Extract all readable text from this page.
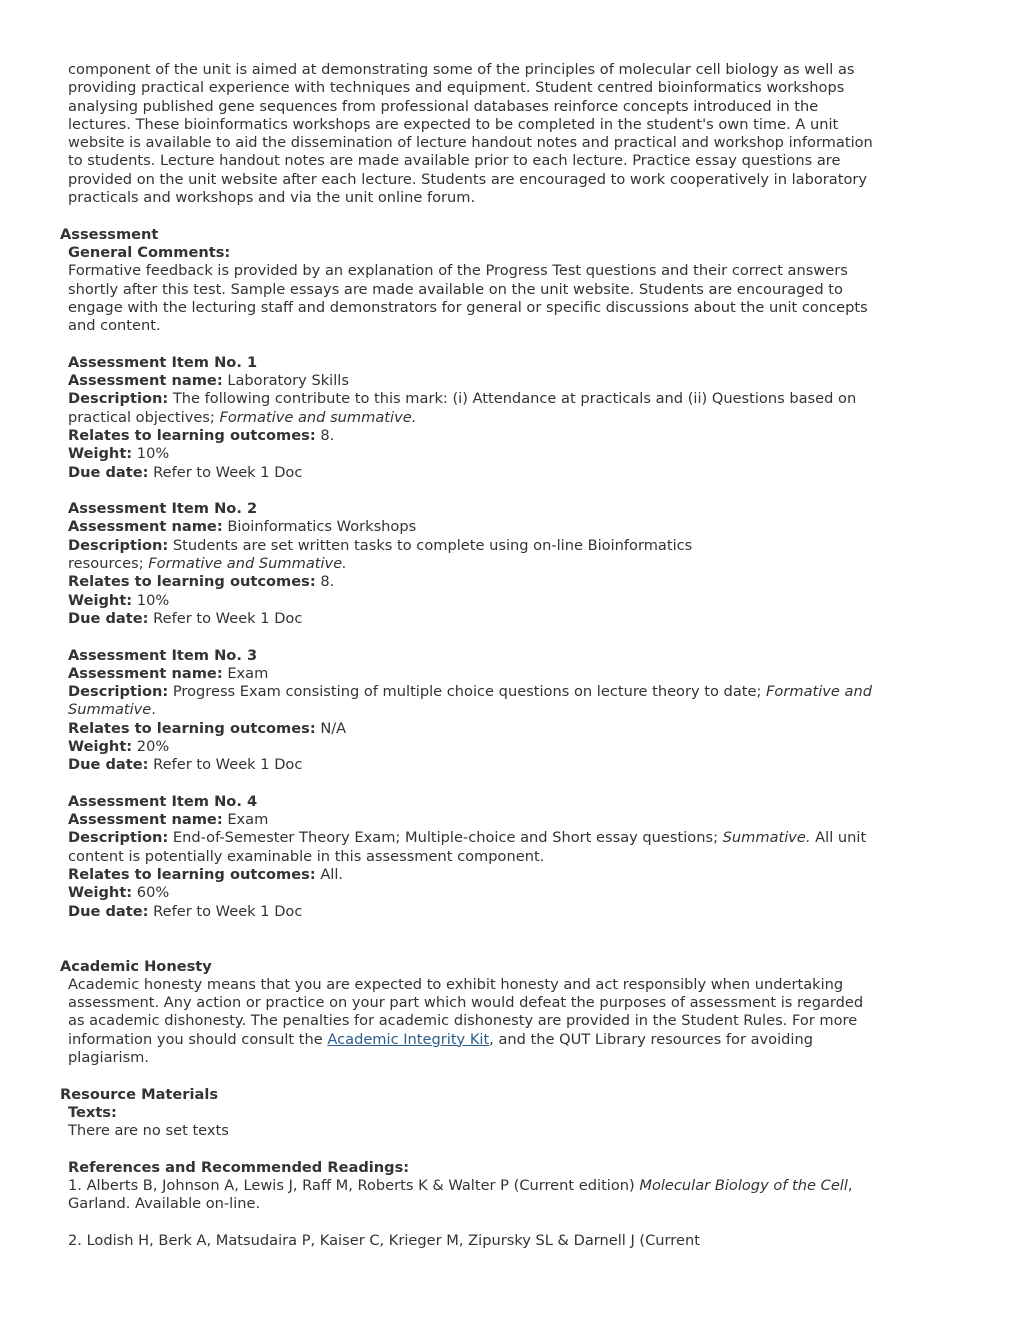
component of the unit is aimed at demonstrating some of the principles of molecular cell biology as well as providing practical experience with techniques and equipment. Student centred bioinformatics workshops analysing published gene sequences from professional databases reinforce concepts introduced in the lectures. These bioinformatics workshops are expected to be completed in the student's own time. A unit website is available to aid the dissemination of lecture handout notes and practical and workshop information to students. Lecture handout notes are made available prior to each lecture. Practice essay questions are provided on the unit website after each lecture. Students are encouraged to work cooperatively in laboratory practicals and workshops and via the unit online forum.
Assessment
General Comments:
Formative feedback is provided by an explanation of the Progress Test questions and their correct answers shortly after this test. Sample essays are made available on the unit website. Students are encouraged to engage with the lecturing staff and demonstrators for general or specific discussions about the unit concepts and content.
Assessment Item No. 1
Assessment name: Laboratory Skills
Description: The following contribute to this mark: (i) Attendance at practicals and (ii) Questions based on practical objectives; Formative and summative.
Relates to learning outcomes: 8.
Weight: 10%
Due date: Refer to Week 1 Doc
Assessment Item No. 2
Assessment name: Bioinformatics Workshops
Description: Students are set written tasks to complete using on-line Bioinformatics resources; Formative and Summative.
Relates to learning outcomes: 8.
Weight: 10%
Due date: Refer to Week 1 Doc
Assessment Item No. 3
Assessment name: Exam
Description: Progress Exam consisting of multiple choice questions on lecture theory to date; Formative and Summative.
Relates to learning outcomes: N/A
Weight: 20%
Due date: Refer to Week 1 Doc
Assessment Item No. 4
Assessment name: Exam
Description: End-of-Semester Theory Exam; Multiple-choice and Short essay questions; Summative. All unit content is potentially examinable in this assessment component.
Relates to learning outcomes: All.
Weight: 60%
Due date: Refer to Week 1 Doc
Academic Honesty
Academic honesty means that you are expected to exhibit honesty and act responsibly when undertaking assessment. Any action or practice on your part which would defeat the purposes of assessment is regarded as academic dishonesty. The penalties for academic dishonesty are provided in the Student Rules. For more information you should consult the Academic Integrity Kit, and the QUT Library resources for avoiding plagiarism.
Resource Materials
Texts:
There are no set texts
References and Recommended Readings:
1. Alberts B, Johnson A, Lewis J, Raff M, Roberts K & Walter P (Current edition) Molecular Biology of the Cell, Garland. Available on-line.
2. Lodish H, Berk A, Matsudaira P, Kaiser C, Krieger M, Zipursky SL & Darnell J (Current
